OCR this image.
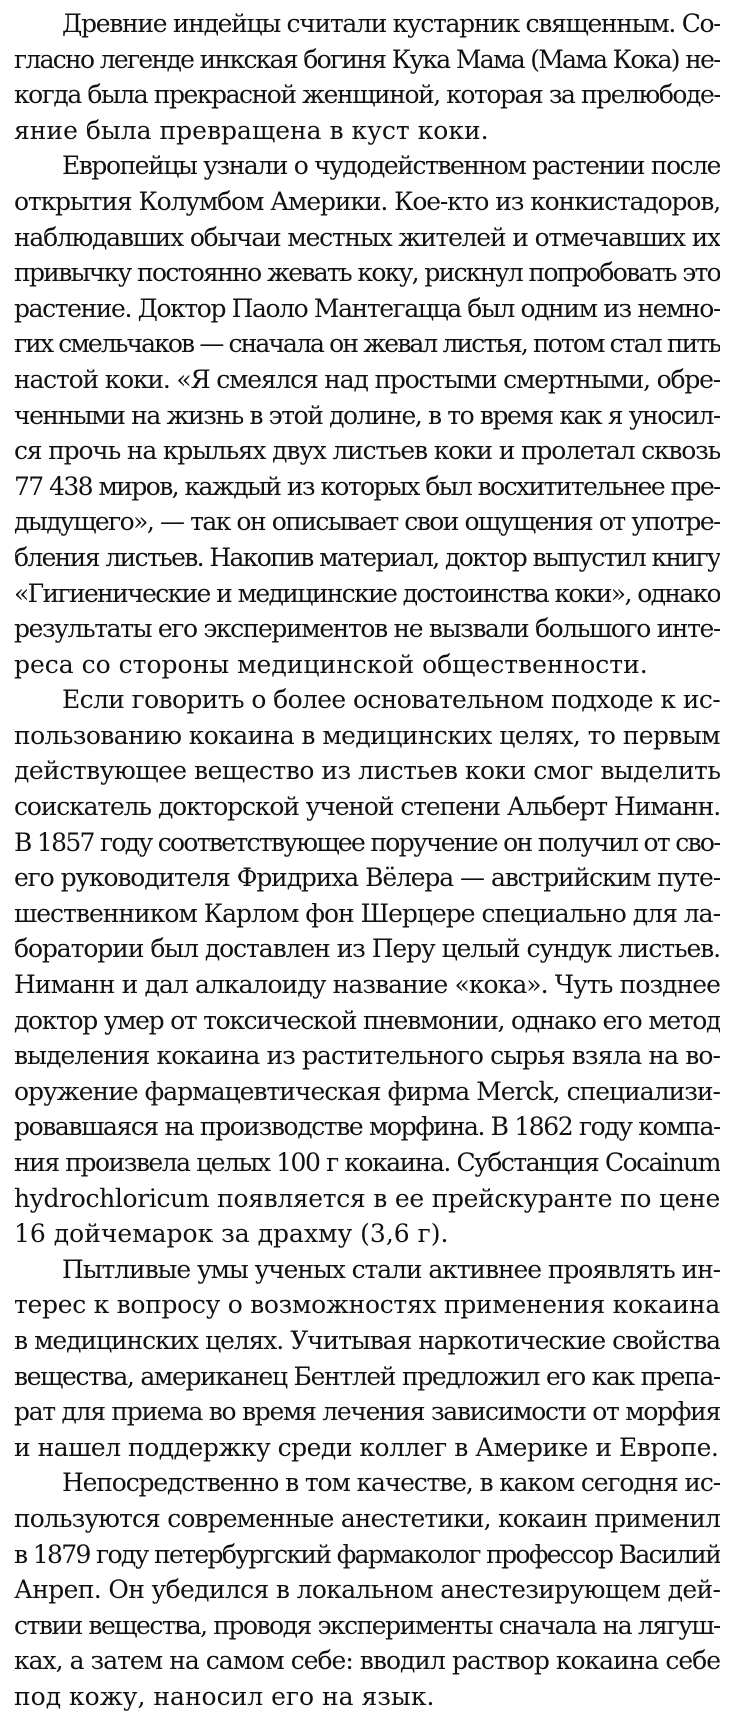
Древние индейцы считали кустарник священным. Со-
гласно легенде инкская богиня Кука Мама (Мама Кока) не-
когда была прекрасной женщиной, которая за прелюбоде-
яние была превращена в куст коки.
Европейцы узнали о чудодейственном растении после
открытия Колумбом Америки. Кое-кто из конкистадоров,
наблюдавших обычаи местных жителей и отмечавших их
привычку постоянно жевать коку, рискнул попробовать это
растение. Доктор Паоло Мантегацца был одним из немно-
гих смельчаков — сначала он жевал листья, потом стал пить
настой коки. «Я смеялся над простыми смертными, обре-
ченными на жизнь в этой долине, в то время как я уносил-
ся прочь на крыльях двух листьев коки и пролетал сквозь
77 438 миров, каждый из которых был восхитительнее пре-
дыдущего», — так он описывает свои ощущения от употре-
бления листьев. Накопив материал, доктор выпустил книгу
«Гигиенические и медицинские достоинства коки», однако
результаты его экспериментов не вызвали большого инте-
реса со стороны медицинской общественности.
Если говорить о более основательном подходе к ис-
пользованию кокаина в медицинских целях, то первым
действующее вещество из листьев коки смог выделить
соискатель докторской ученой степени Альберт Ниманн.
В 1857 году соответствующее поручение он получил от сво-
его руководителя Фридриха Вёлера — австрийским путе-
шественником Карлом фон Шерцере специально для ла-
боратории был доставлен из Перу целый сундук листьев.
Ниманн и дал алкалоиду название «кока». Чуть позднее
доктор умер от токсической пневмонии, однако его метод
выделения кокаина из растительного сырья взяла на во-
оружение фармацевтическая фирма Merck, специализи-
ровавшаяся на производстве морфина. В 1862 году компа-
ния произвела целых 100 г кокаина. Субстанция Cocainum
hydrochloricum появляется в ее прейскуранте по цене
16 дойчемарок за драхму (3,6 г).
Пытливые умы ученых стали активнее проявлять ин-
терес к вопросу о возможностях применения кокаина
в медицинских целях. Учитывая наркотические свойства
вещества, американец Бентлей предложил его как препа-
рат для приема во время лечения зависимости от морфия
и нашел поддержку среди коллег в Америке и Европе.
Непосредственно в том качестве, в каком сегодня ис-
пользуются современные анестетики, кокаин применил
в 1879 году петербургский фармаколог профессор Василий
Анреп. Он убедился в локальном анестезирующем дей-
ствии вещества, проводя эксперименты сначала на лягуш-
ках, а затем на самом себе: вводил раствор кокаина себе
под кожу, наносил его на язык.
